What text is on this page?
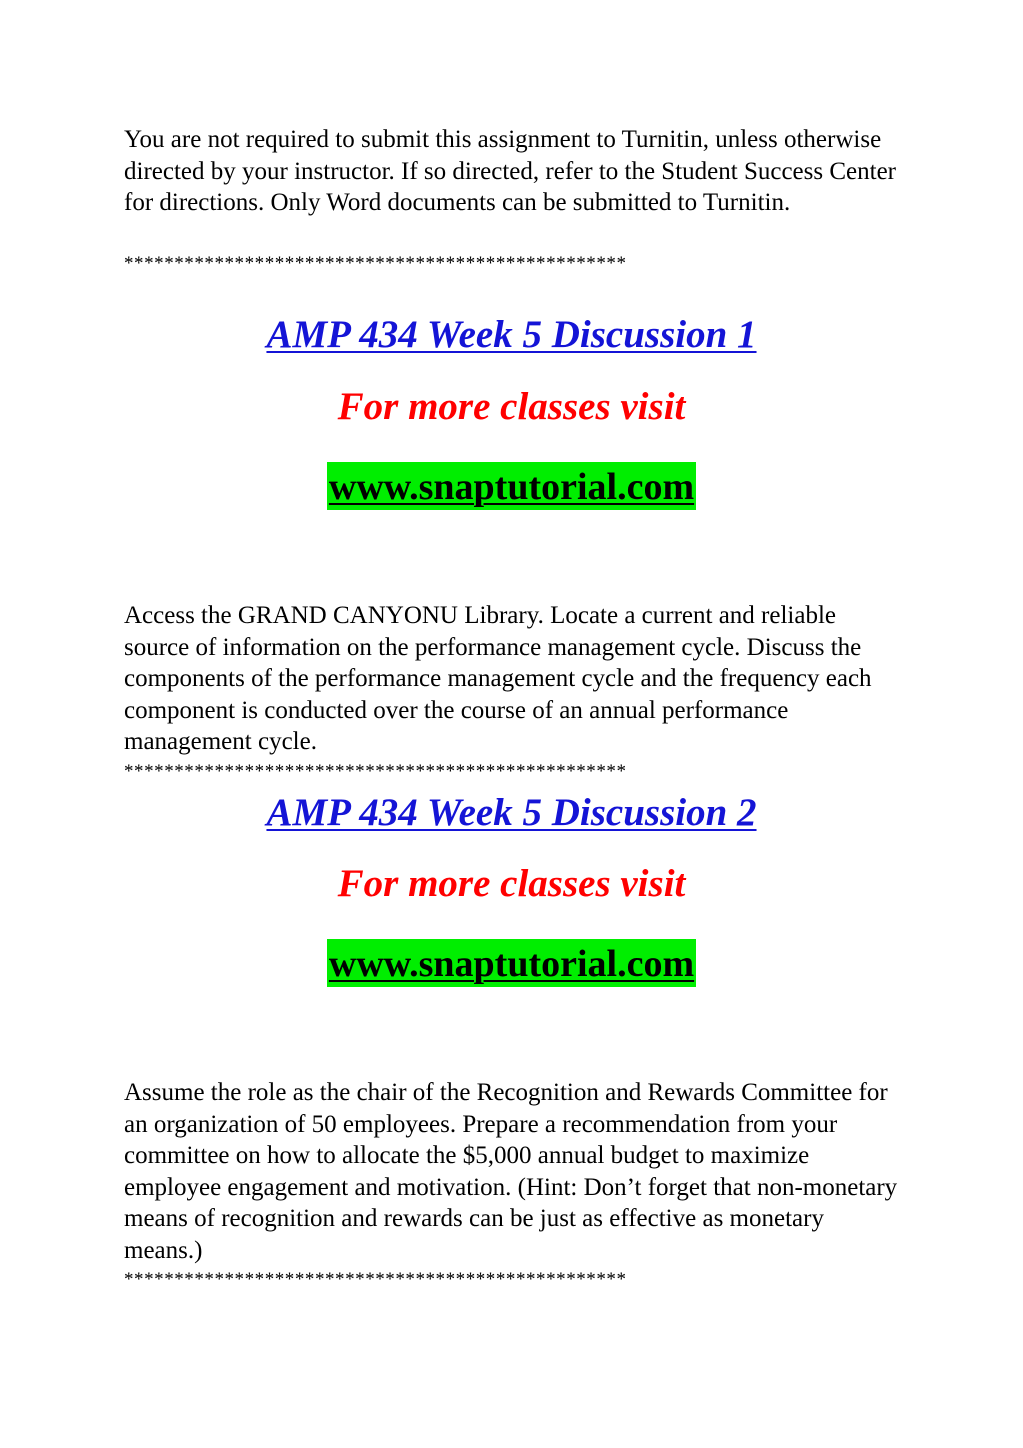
You are not required to submit this assignment to Turnitin, unless otherwise directed by your instructor. If so directed, refer to the Student Success Center for directions. Only Word documents can be submitted to Turnitin.

**************************************************

AMP 434 Week 5 Discussion 1

For more classes visit

www.snaptutorial.com

Access the GRAND CANYONU Library. Locate a current and reliable source of information on the performance management cycle. Discuss the components of the performance management cycle and the frequency each component is conducted over the course of an annual performance management cycle.

**************************************************

AMP 434 Week 5 Discussion 2

For more classes visit

www.snaptutorial.com

Assume the role as the chair of the Recognition and Rewards Committee for an organization of 50 employees. Prepare a recommendation from your committee on how to allocate the $5,000 annual budget to maximize employee engagement and motivation. (Hint: Don’t forget that non-monetary means of recognition and rewards can be just as effective as monetary means.)

**************************************************
